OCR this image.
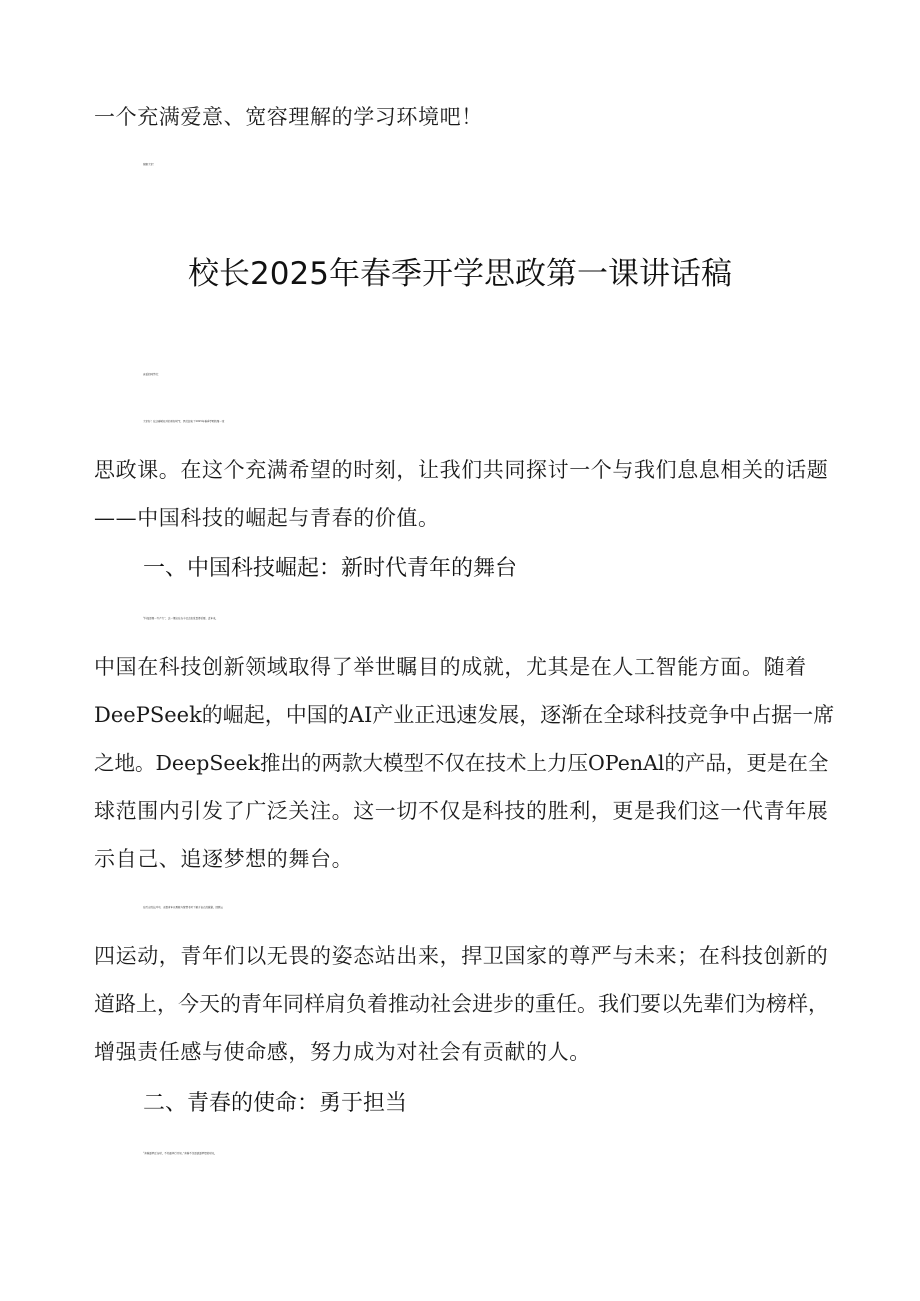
一个充满爱意、宽容理解的学习环境吧！
谢谢大家！
校长2025年春季开学思政第一课讲话稿
亲爱的同学们：
大家好！在这春暖花开的美好时节，我们迎来了2025年春季学期的第一堂
思政课。在这个充满希望的时刻，让我们共同探讨一个与我们息息相关的话题
——中国科技的崛起与青春的价值。
一、中国科技崛起：新时代青年的舞台
“科技是第一生产力”，这一理念在当今社会愈发显得重要。近年来，
中国在科技创新领域取得了举世瞩目的成就，尤其是在人工智能方面。随着
DeePSeek的崛起，中国的AI产业正迅速发展，逐渐在全球科技竞争中占据一席
之地。DeepSeek推出的两款大模型不仅在技术上力压OPenAl的产品，更是在全
球范围内引发了广泛关注。这一切不仅是科技的胜利，更是我们这一代青年展
示自己、追逐梦想的舞台。
在历史的长河中，无数青年以勇敢与智慧书写了属于自己的篇章。回顾五
四运动，青年们以无畏的姿态站出来，捍卫国家的尊严与未来；在科技创新的
道路上，今天的青年同样肩负着推动社会进步的重任。我们要以先辈们为榜样，
增强责任感与使命感，努力成为对社会有贡献的人。
二、青春的使命：勇于担当
“青春逐梦正当时，不负韶华行且知。”青春不仅是追逐梦想的时光，
